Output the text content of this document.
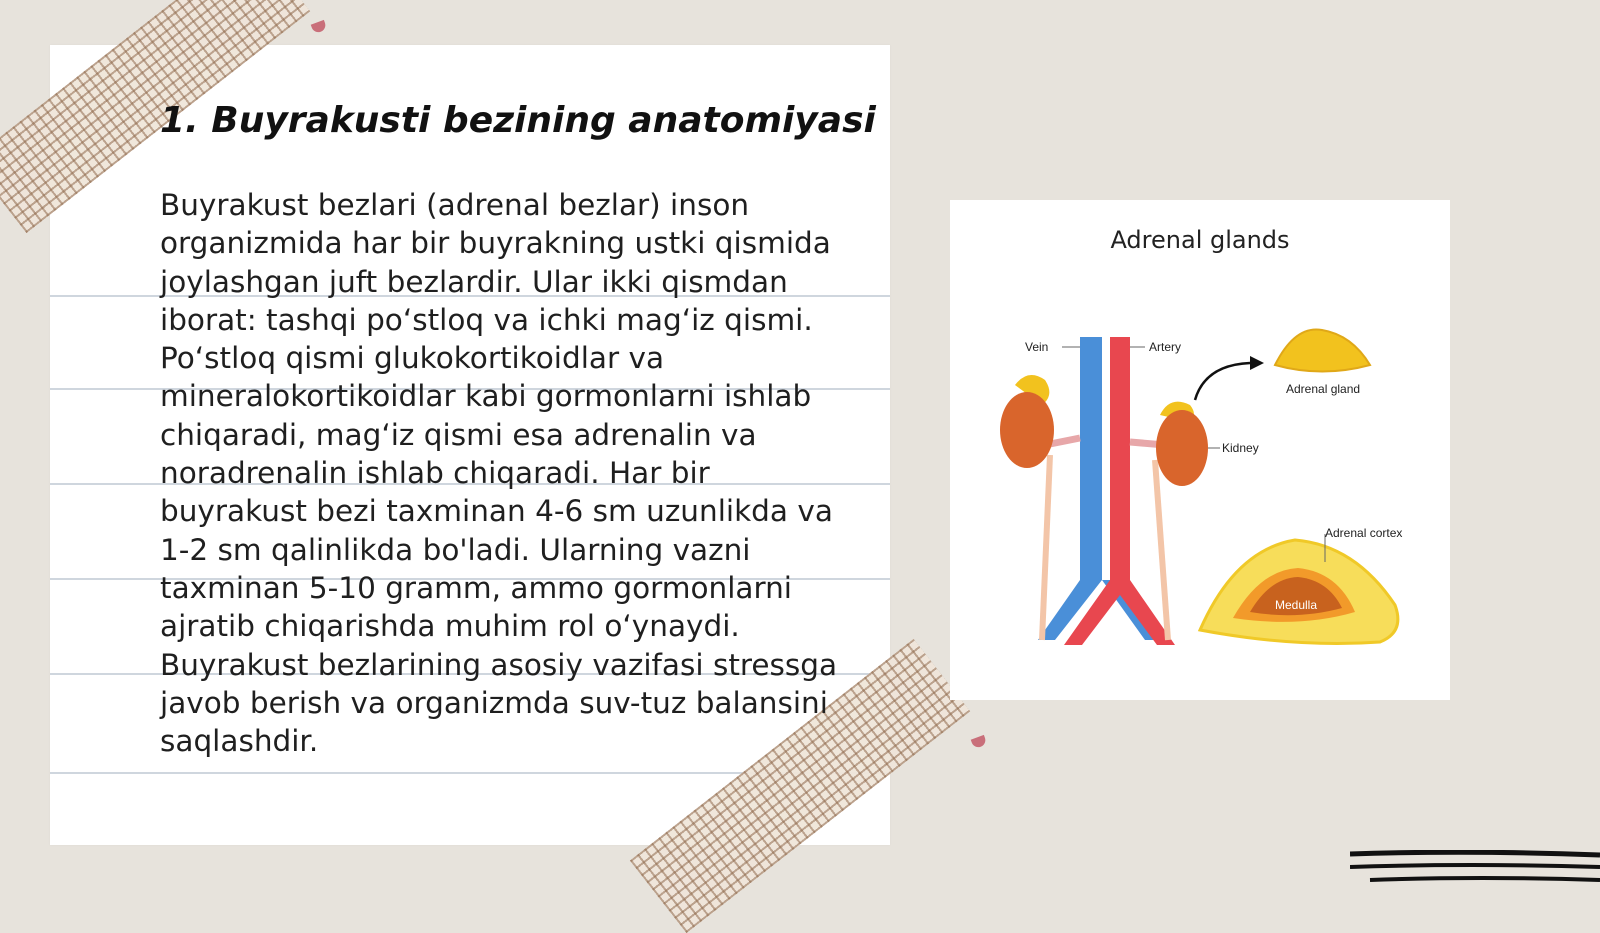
1. Buyrakusti bezining anatomiyasi

Buyrakust bezlari (adrenal bezlar) inson organizmida har bir buyrakning ustki qismida joylashgan juft bezlardir. Ular ikki qismdan iborat: tashqi po‘stloq va ichki mag‘iz qismi. Po‘stloq qismi glukokortikoidlar va mineralokortikoidlar kabi gormonlarni ishlab chiqaradi, mag‘iz qismi esa adrenalin va noradrenalin ishlab chiqaradi. Har bir buyrakust bezi taxminan 4-6 sm uzunlikda va 1-2 sm qalinlikda bo'ladi. Ularning vazni taxminan 5-10 gramm, ammo gormonlarni ajratib chiqarishda muhim rol o‘ynaydi. Buyrakust bezlarining asosiy vazifasi stressga javob berish va organizmda suv-tuz balansini saqlashdir.

Adrenal glands
Vein	Artery
Adrenal gland
Kidney
Adrenal cortex
Medulla
